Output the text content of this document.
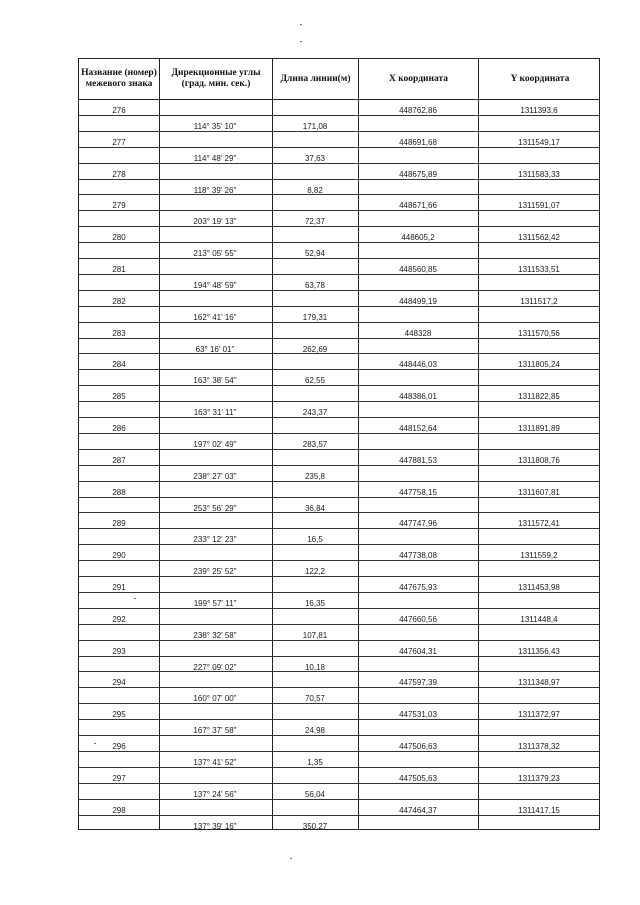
Название (номер) межевого знака
Дирекционные углы (град. мин. сек.)
Длина линии(м)	X координата	Y координата
276	448762,86	1311393,6
114° 35' 10"	171,08
277	448691,68	1311549,17
114° 48' 29"	37,63
278	448675,89	1311583,33
118° 39' 26"	8,82
279	448671,66	1311591,07
203° 19' 13"	72,37
280	448605,2	1311562,42
213° 05' 55"	52,94
281	448560,85	1311533,51
194° 48' 59"	63,78
282	448499,19	1311517,2
162° 41' 16"	179,31
283	448328	1311570,56
63° 16' 01"	262,69
284	448446,03	1311805,24
163° 38' 54"	62,55
285	448386,01	1311822,85
163° 31' 11"	243,37
286	448152,64	1311891,89
197° 02' 49"	283,57
287	447881,53	1311808,76
238° 27' 03"	235,8
288	447758,15	1311607,81
253° 56' 29"	36,84
289	447747,96	1311572,41
233° 12' 23"	16,5
290	447738,08	1311559,2
239° 25' 52"	122,2
291	447675,93	1311453,98
199° 57' 11"	16,35
292	447660,56	1311448,4
238° 32' 58"	107,81
293	447604,31	1311356,43
227° 09' 02"	10,18
294	447597,39	1311348,97
160° 07' 00"	70,57
295	447531,03	1311372,97
167° 37' 58"	24,98
296	447506,63	1311378,32
137° 41' 52"	1,35
297	447505,63	1311379,23
137° 24' 56"	56,04
298	447464,37	1311417,15
137° 39' 16"	350,27
